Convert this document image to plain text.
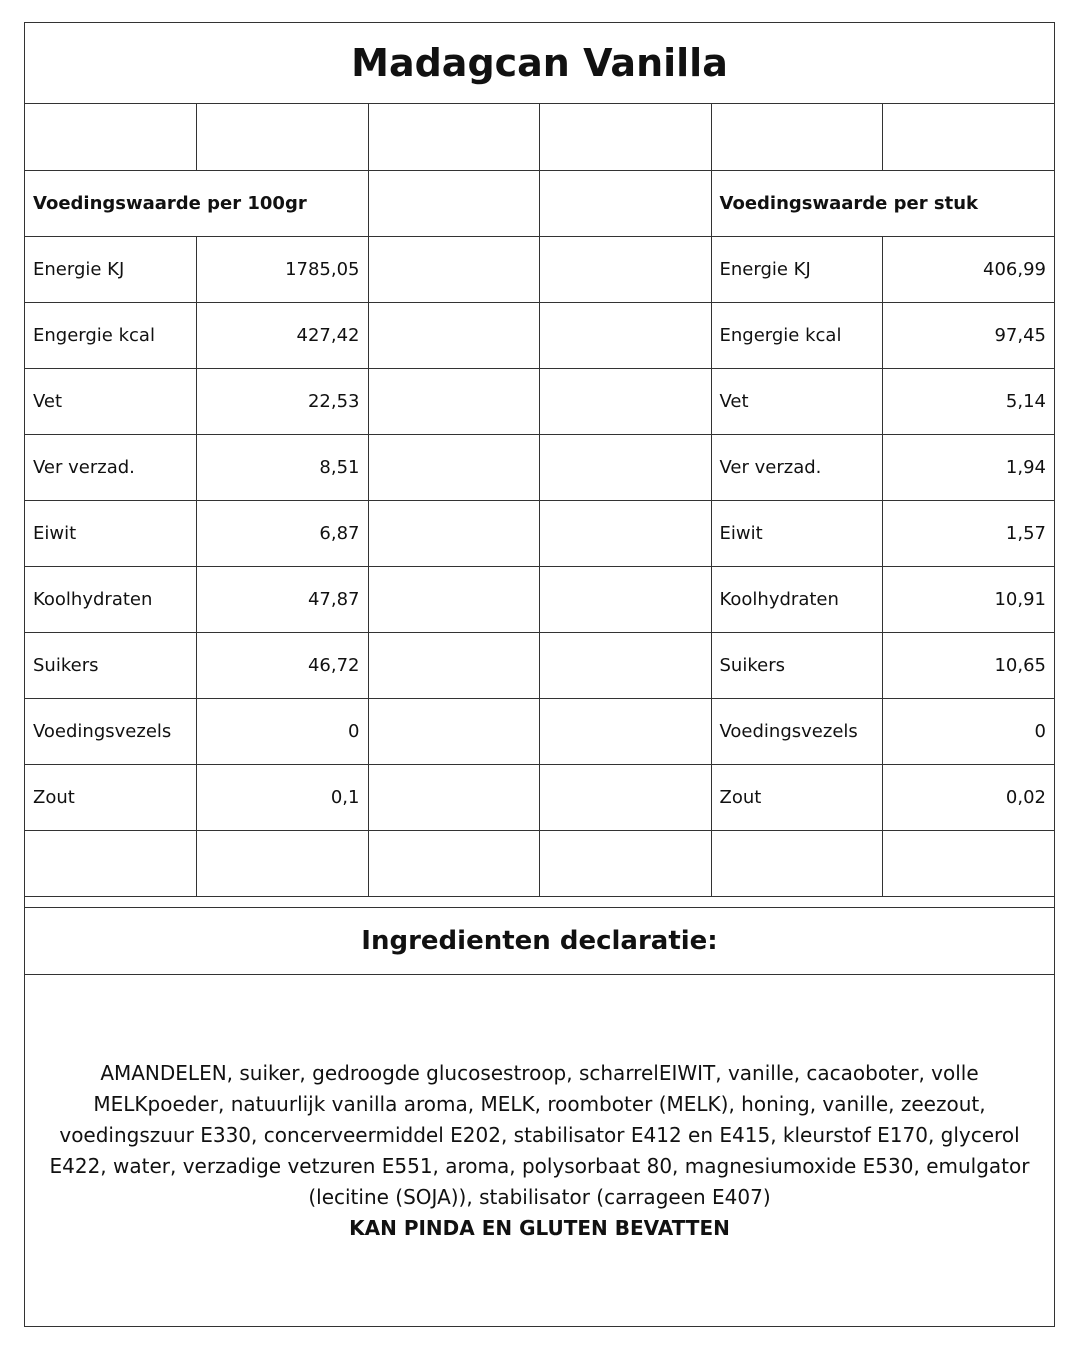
Madagcan Vanilla

Voedingswaarde per 100gr				Voedingswaarde per stuk	
Energie KJ	1785,05			Energie KJ	406,99
Engergie kcal	427,42			Engergie kcal	97,45
Vet	22,53			Vet	5,14
Ver verzad.	8,51			Ver verzad.	1,94
Eiwit	6,87			Eiwit	1,57
Koolhydraten	47,87			Koolhydraten	10,91
Suikers	46,72			Suikers	10,65
Voedingsvezels	0			Voedingsvezels	0
Zout	0,1			Zout	0,02

Ingredienten declaratie:
AMANDELEN, suiker, gedroogde glucosestroop, scharrelEIWIT, vanille, cacaoboter, volle MELKpoeder, natuurlijk vanilla aroma, MELK, roomboter (MELK), honing, vanille, zeezout, voedingszuur E330, concerveermiddel E202, stabilisator E412 en E415, kleurstof E170, glycerol E422, water, verzadige vetzuren E551, aroma, polysorbaat 80, magnesiumoxide E530, emulgator (lecitine (SOJA)), stabilisator (carrageen E407)
KAN PINDA EN GLUTEN BEVATTEN
